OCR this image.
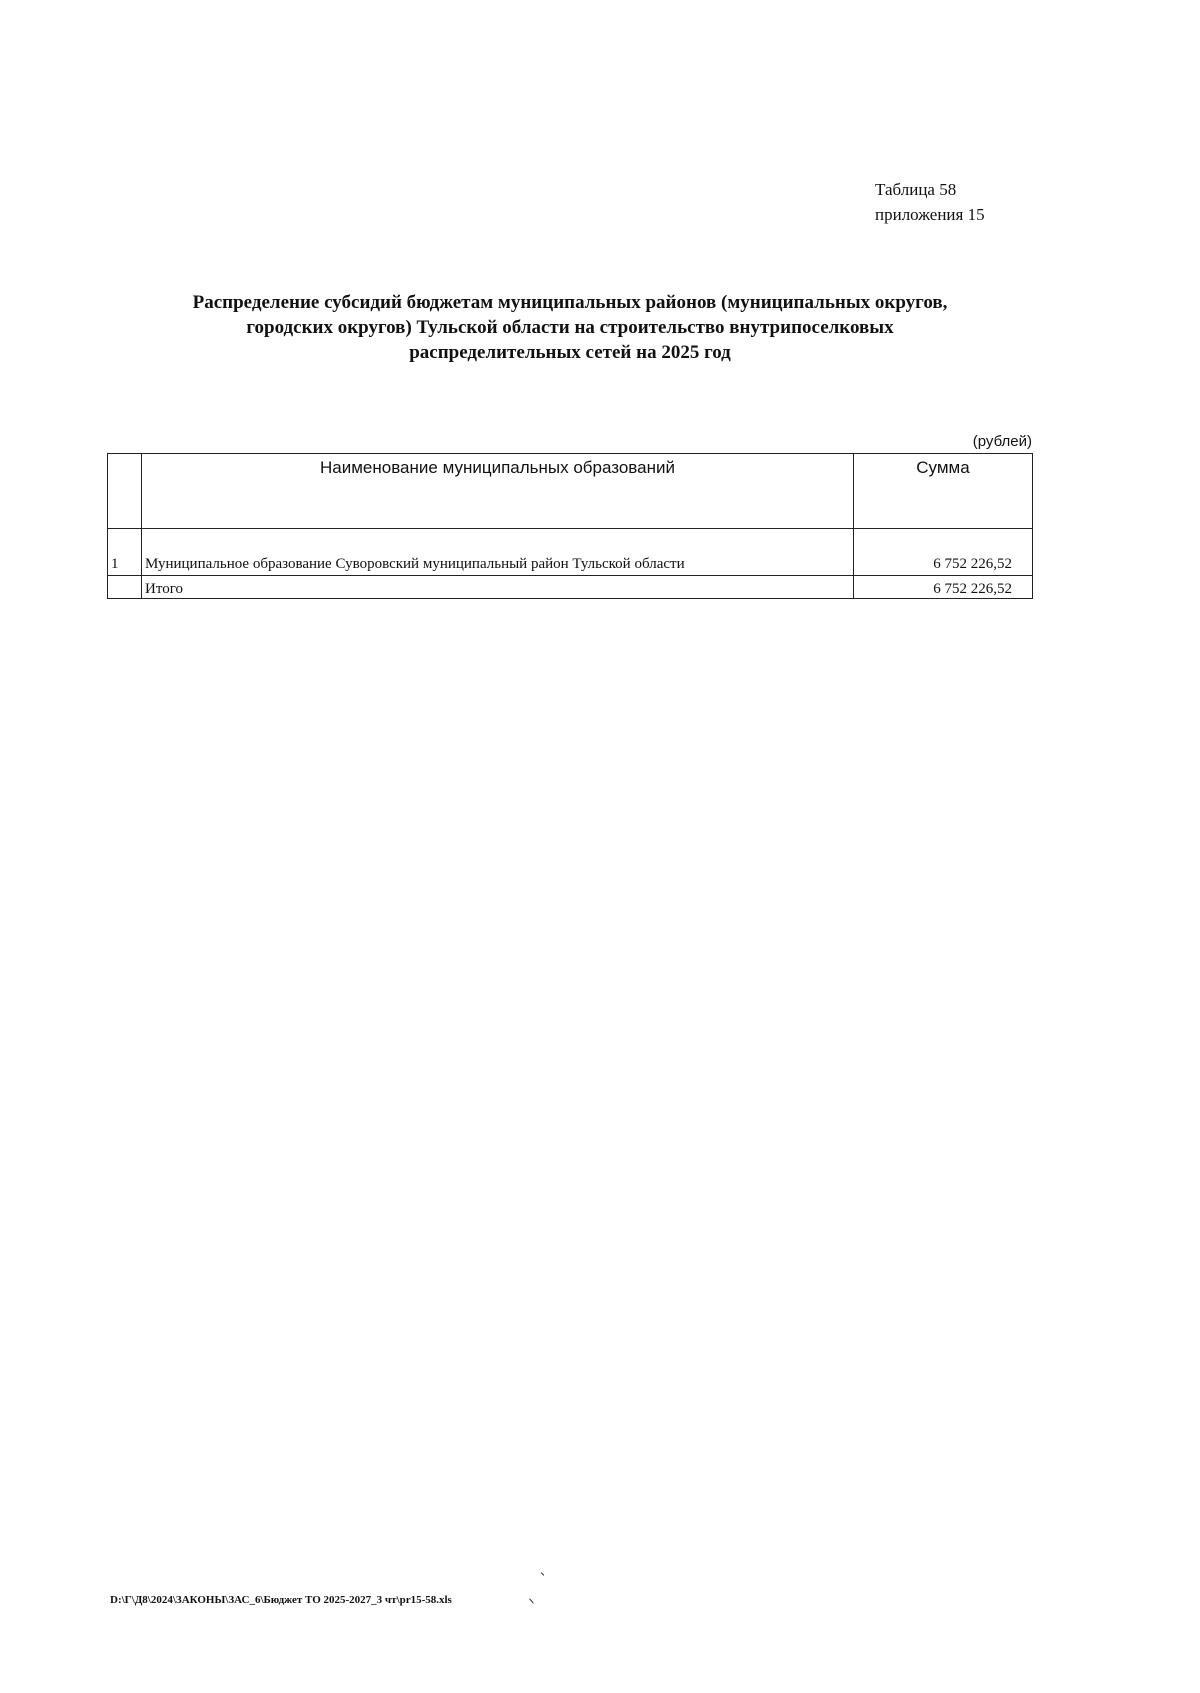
Таблица 58
приложения 15
Распределение субсидий бюджетам муниципальных районов (муниципальных округов,
городских округов) Тульской области на строительство внутрипоселковых
распределительных сетей на 2025 год
(рублей)
	Наименование муниципальных образований	Сумма
1	Муниципальное образование Суворовский муниципальный район Тульской области	6 752 226,52
	Итого	6 752 226,52
D:\Г\Д8\2024\ЗАКОНЫ\ЗАС_6\Бюджет ТО 2025-2027_3 чт\pr15-58.xls
